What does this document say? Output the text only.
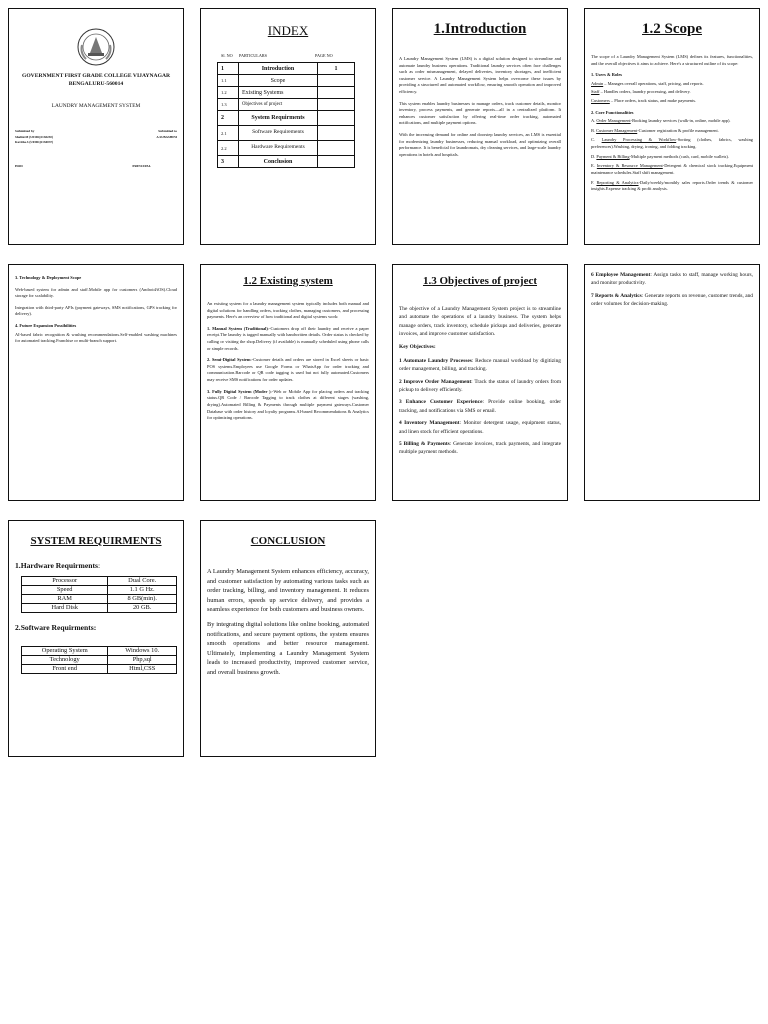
GOVERNMENT FIRST GRADE COLLEGE VIJAYNAGAR
BENGALURU-560014
LAUNDRY MANAGEMENT SYSTEM
Submitted by	Submitted to
Shalini.M (U03DQ21S0230)
Kavitha.S (U03DQ21S0037)
A.SUBASHINI
HOD	PRINCIPAL
INDEX
Sl. NO	PARTICULARS	PAGE NO
1	Introduction	1
1.1	Scope	
1.2	Existing Systems	
1.3	Objectives of project	
2	System Requirments	
2.1	Software Requirements	
2.2	Hardware Requirements	
3	Conclusion	
1.Introduction

A Laundry Management System (LMS) is a digital solution designed to streamline and automate laundry business operations. Traditional laundry services often face challenges such as order mismanagement, delayed deliveries, inventory shortages, and inefficient customer service. A Laundry Management System helps overcome these issues by providing a structured and automated workflow, ensuring smooth operation and improved efficiency.

This system enables laundry businesses to manage orders, track customer details, monitor inventory, process payments, and generate reports—all in a centralized platform. It enhances customer satisfaction by offering real-time order tracking, automated notifications, and multiple payment options.

With the increasing demand for online and doorstep laundry services, an LMS is essential for modernizing laundry businesses, reducing manual workload, and optimizing overall performance. It is beneficial for laundromats, dry cleaning services, and large-scale laundry operations in hotels and hospitals.

1.2 Scope

The scope of a Laundry Management System (LMS) defines its features, functionalities, and the overall objectives it aims to achieve. Here's a structured outline of its scope:

1. Users & Roles

Admin – Manages overall operations, staff, pricing, and reports.

Staff – Handles orders, laundry processing, and delivery.

Customers – Place orders, track status, and make payments.

2. Core Functionalities

A. Order Management-Booking laundry services (walk-in, online, mobile app).

B. Customer Management-Customer registration & profile management.

C. Laundry Processing & Workflow-Sorting (clothes, fabrics, washing preferences).Washing, drying, ironing, and folding tracking.

D. Payment & Billing-Multiple payment methods (cash, card, mobile wallets).

E. Inventory & Resource Management-Detergent & chemical stock tracking.Equipment maintenance schedules.Staff shift management.

F. Reporting & Analytics-Daily/weekly/monthly sales reports.Order trends & customer insights.Expense tracking & profit analysis.

3. Technology & Deployment Scope

Web-based system for admin and staff.Mobile app for customers (Android/iOS).Cloud storage for scalability.

Integration with third-party APIs (payment gateways, SMS notifications, GPS tracking for delivery).

4. Future Expansion Possibilities

AI-based fabric recognition & washing recommendations.Self-enabled washing machines for automated tracking.Franchise or multi-branch support.

1.2 Existing system

An existing system for a laundry management system typically includes both manual and digital solutions for handling orders, tracking clothes, managing customers, and processing payments. Here's an overview of how traditional and digital systems work:

1. Manual System (Traditional):-Customers drop off their laundry and receive a paper receipt.The laundry is tagged manually with handwritten details. Order status is checked by calling or visiting the shop.Delivery (if available) is manually scheduled using phone calls or simple records.

2. Semi-Digital System:-Customer details and orders are stored in Excel sheets or basic POS systems.Employees use Google Forms or WhatsApp for order tracking and communication.Barcode or QR code tagging is used but not fully automated.Customers may receive SMS notifications for order updates.

3. Fully Digital System (Moder ):-Web or Mobile App for placing orders and tracking status.QR Code / Barcode Tagging to track clothes at different stages (washing, drying).Automated Billing & Payments through multiple payment gateways.Customer Database with order history and loyalty programs.AI-based Recommendations & Analytics for optimizing operations.

1.3 Objectives of project

The objective of a Laundry Management System project is to streamline and automate the operations of a laundry business. The system helps manage orders, track inventory, schedule pickups and deliveries, generate invoices, and improve customer satisfaction.

Key Objectives:

1 Automate Laundry Processes: Reduce manual workload by digitizing order management, billing, and tracking.

2 Improve Order Management: Track the status of laundry orders from pickup to delivery efficiently.

3 Enhance Customer Experience: Provide online booking, order tracking, and notifications via SMS or email.

4 Inventory Management: Monitor detergent usage, equipment status, and linen stock for efficient operations.

5 Billing & Payments: Generate invoices, track payments, and integrate multiple payment methods.

6 Employee Management: Assign tasks to staff, manage working hours, and monitor productivity.

7 Reports & Analytics: Generate reports on revenue, customer trends, and order volumes for decision-making.

SYSTEM REQUIRMENTS
1.Hardware Requirments:
Processor	Dual Core.
Speed	1.1 G Hz.
RAM	8 GB(min).
Hard Disk	20 GB.
2.Software Requirments:
Operating System	Windows 10.
Technology	Php,sql
Front end	Html,CSS
CONCLUSION

A Laundry Management System enhances efficiency, accuracy, and customer satisfaction by automating various tasks such as order tracking, billing, and inventory management. It reduces human errors, speeds up service delivery, and provides a seamless experience for both customers and business owners.

By integrating digital solutions like online booking, automated notifications, and secure payment options, the system ensures smooth operations and better resource management. Ultimately, implementing a Laundry Management System leads to increased productivity, improved customer service, and overall business growth.
